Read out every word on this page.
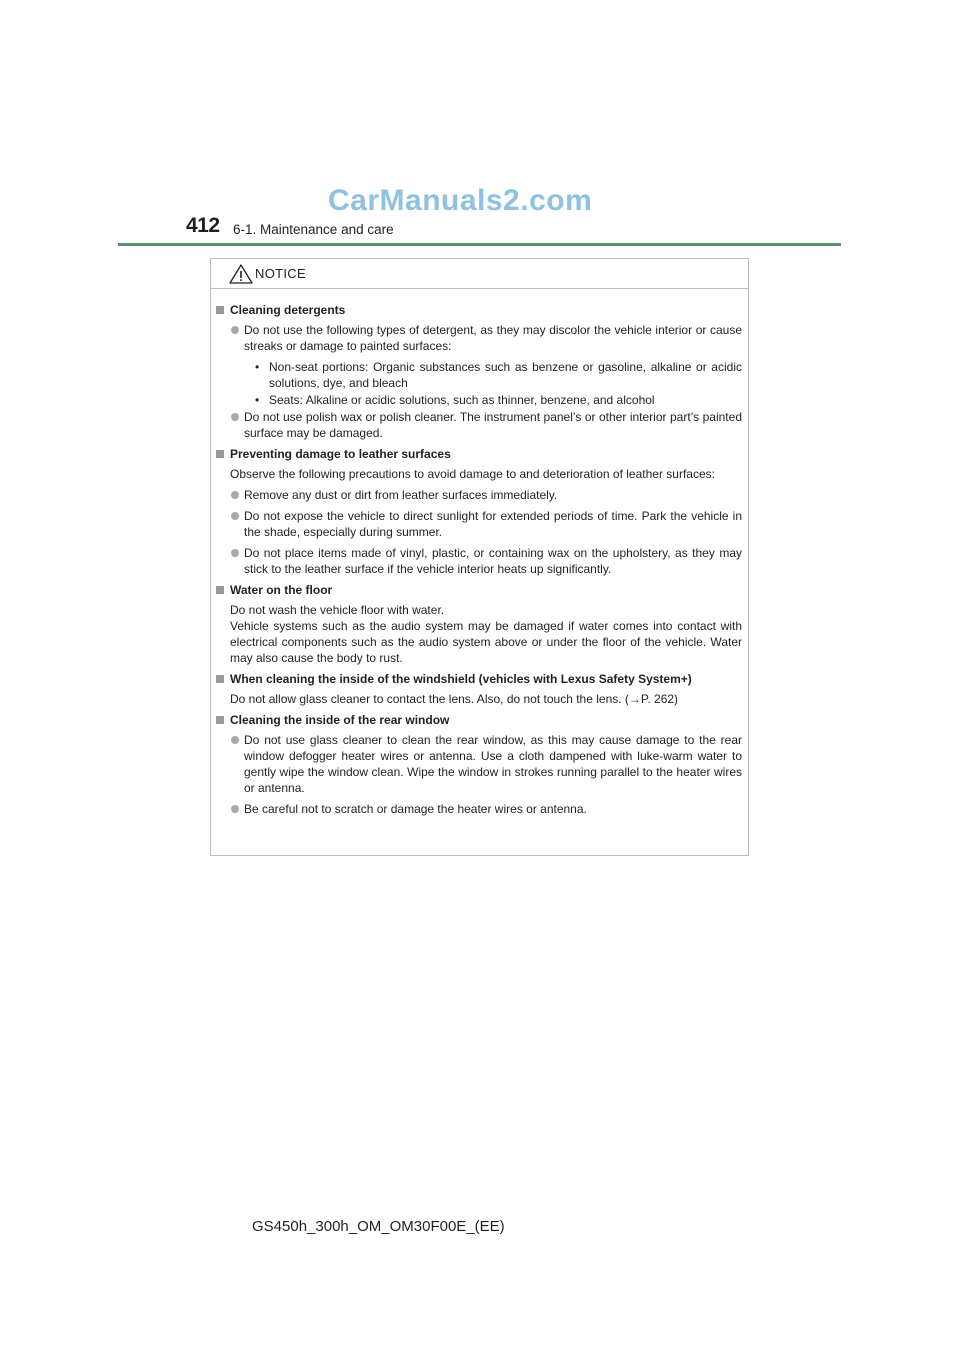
CarManuals2.com
412 6-1. Maintenance and care
NOTICE
Cleaning detergents
Do not use the following types of detergent, as they may discolor the vehicle interior or cause streaks or damage to painted surfaces:
• Non-seat portions: Organic substances such as benzene or gasoline, alkaline or acidic solutions, dye, and bleach
• Seats: Alkaline or acidic solutions, such as thinner, benzene, and alcohol
Do not use polish wax or polish cleaner. The instrument panel’s or other interior part’s painted surface may be damaged.
Preventing damage to leather surfaces
Observe the following precautions to avoid damage to and deterioration of leather surfaces:
Remove any dust or dirt from leather surfaces immediately.
Do not expose the vehicle to direct sunlight for extended periods of time. Park the vehicle in the shade, especially during summer.
Do not place items made of vinyl, plastic, or containing wax on the upholstery, as they may stick to the leather surface if the vehicle interior heats up significantly.
Water on the floor
Do not wash the vehicle floor with water.
Vehicle systems such as the audio system may be damaged if water comes into contact with electrical components such as the audio system above or under the floor of the vehicle. Water may also cause the body to rust.
When cleaning the inside of the windshield (vehicles with Lexus Safety System+)
Do not allow glass cleaner to contact the lens. Also, do not touch the lens. (→P. 262)
Cleaning the inside of the rear window
Do not use glass cleaner to clean the rear window, as this may cause damage to the rear window defogger heater wires or antenna. Use a cloth dampened with luke-warm water to gently wipe the window clean. Wipe the window in strokes running parallel to the heater wires or antenna.
Be careful not to scratch or damage the heater wires or antenna.
GS450h_300h_OM_OM30F00E_(EE)
